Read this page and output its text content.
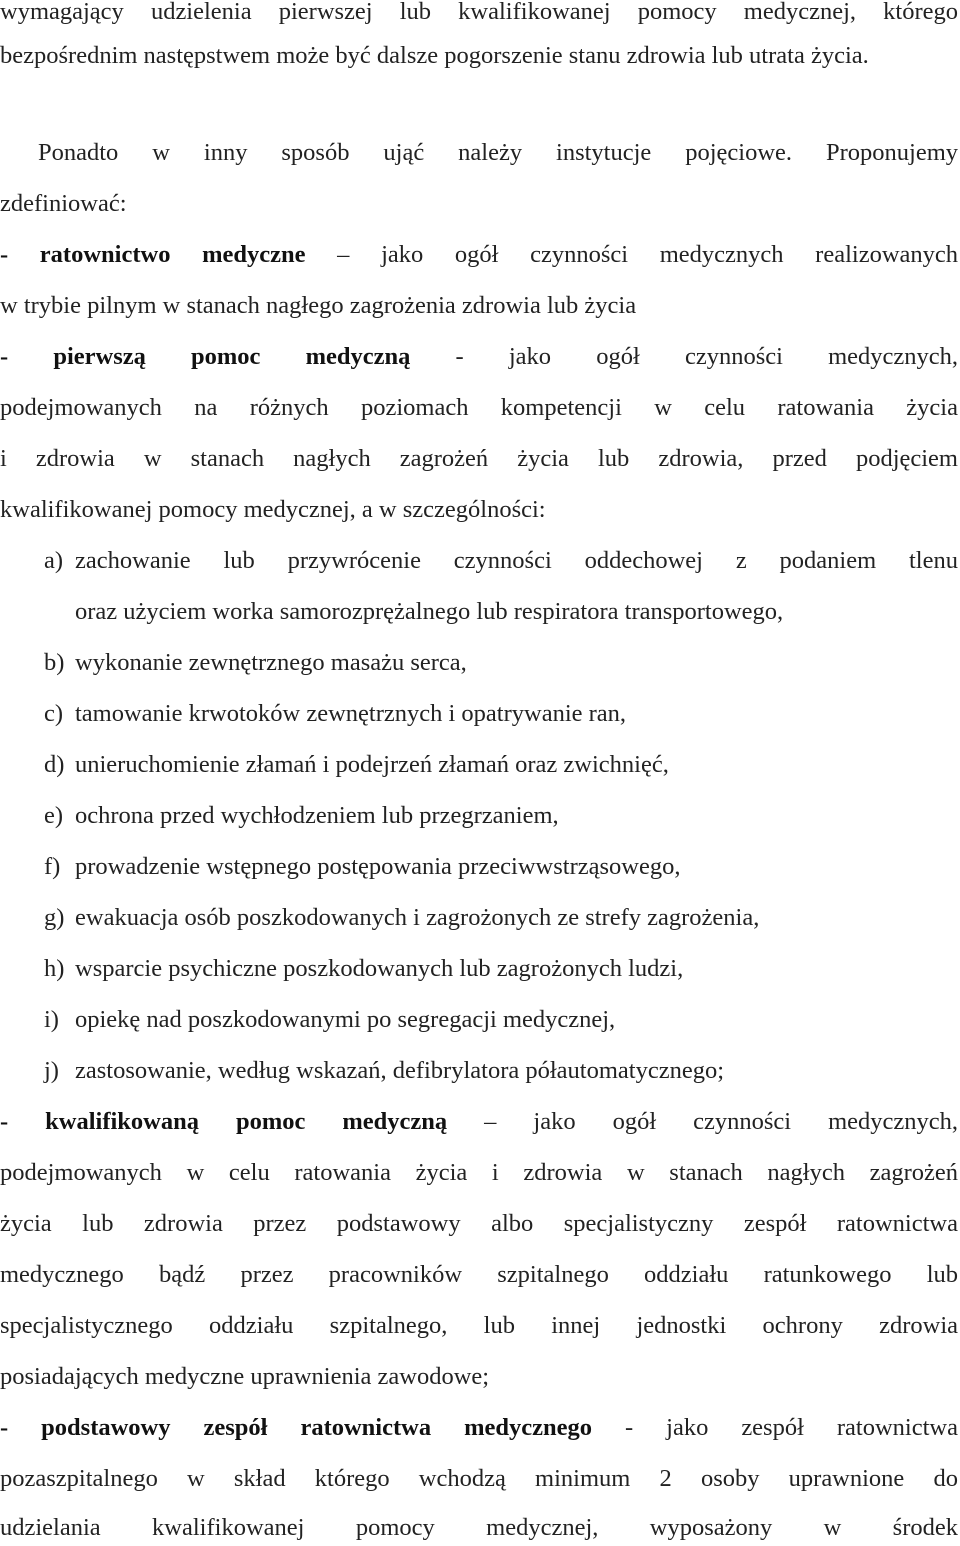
wymagający udzielenia pierwszej lub kwalifikowanej pomocy medycznej, którego
bezpośrednim następstwem może być dalsze pogorszenie stanu zdrowia lub utrata życia.
Ponadto w inny sposób ująć należy instytucje pojęciowe. Proponujemy
zdefiniować:
- ratownictwo medyczne – jako ogół czynności medycznych realizowanych
w trybie pilnym w stanach nagłego zagrożenia zdrowia lub życia
- pierwszą pomoc medyczną - jako ogół czynności medycznych,
podejmowanych na różnych poziomach kompetencji w celu ratowania życia
i zdrowia w stanach nagłych zagrożeń życia lub zdrowia, przed podjęciem
kwalifikowanej pomocy medycznej, a w szczególności:
a) zachowanie lub przywrócenie czynności oddechowej z podaniem tlenu
oraz użyciem worka samorozprężalnego lub respiratora transportowego,
b) wykonanie zewnętrznego masażu serca,
c) tamowanie krwotoków zewnętrznych i opatrywanie ran,
d) unieruchomienie złamań i podejrzeń złamań oraz zwichnięć,
e) ochrona przed wychłodzeniem lub przegrzaniem,
f) prowadzenie wstępnego postępowania przeciwwstrząsowego,
g) ewakuacja osób poszkodowanych i zagrożonych ze strefy zagrożenia,
h) wsparcie psychiczne poszkodowanych lub zagrożonych ludzi,
i) opiekę nad poszkodowanymi po segregacji medycznej,
j) zastosowanie, według wskazań, defibrylatora półautomatycznego;
- kwalifikowaną pomoc medyczną – jako ogół czynności medycznych,
podejmowanych w celu ratowania życia i zdrowia w stanach nagłych zagrożeń
życia lub zdrowia przez podstawowy albo specjalistyczny zespół ratownictwa
medycznego bądź przez pracowników szpitalnego oddziału ratunkowego lub
specjalistycznego oddziału szpitalnego, lub innej jednostki ochrony zdrowia
posiadających medyczne uprawnienia zawodowe;
- podstawowy zespół ratownictwa medycznego - jako zespół ratownictwa
pozaszpitalnego w skład którego wchodzą minimum 2 osoby uprawnione do
udzielania kwalifikowanej pomocy medycznej, wyposażony w środek
